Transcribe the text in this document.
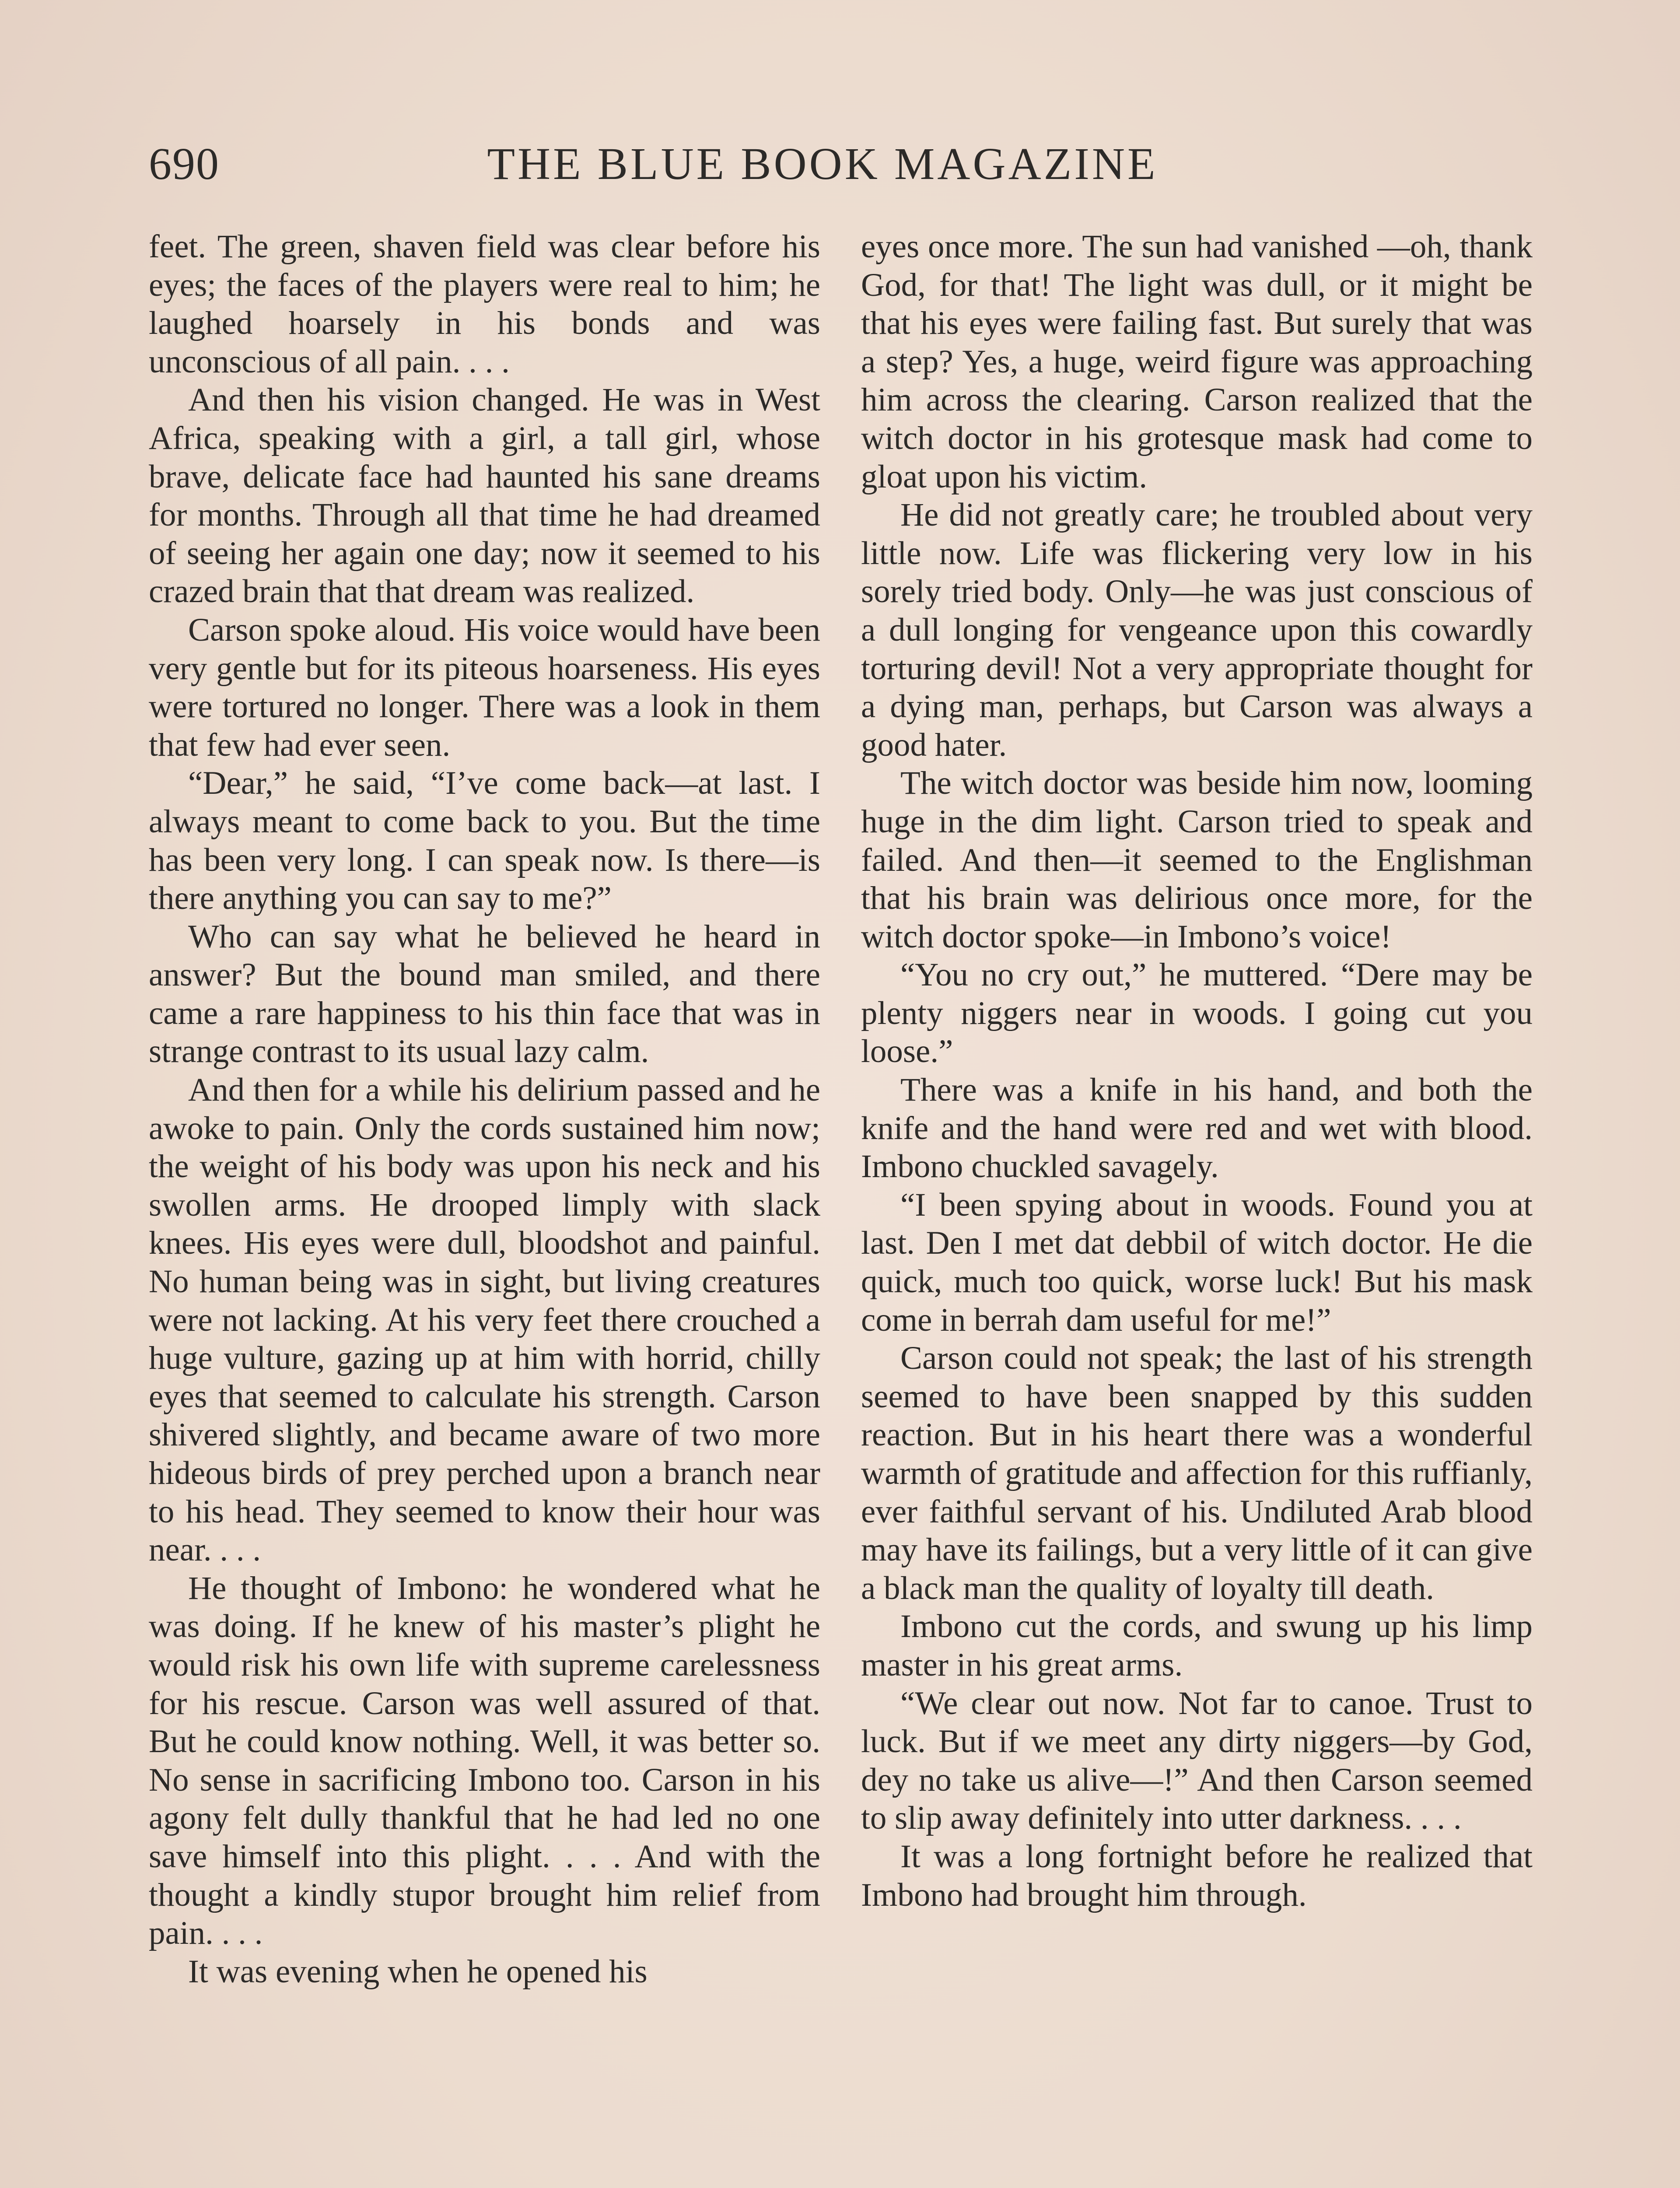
690	THE BLUE BOOK MAGAZINE

feet. The green, shaven field was clear before his eyes; the faces of the players were real to him; he laughed hoarsely in his bonds and was unconscious of all pain. . . .

And then his vision changed. He was in West Africa, speaking with a girl, a tall girl, whose brave, delicate face had haunted his sane dreams for months. Through all that time he had dreamed of seeing her again one day; now it seemed to his crazed brain that that dream was realized.

Carson spoke aloud. His voice would have been very gentle but for its piteous hoarseness. His eyes were tortured no longer. There was a look in them that few had ever seen.

“Dear,” he said, “I’ve come back—at last. I always meant to come back to you. But the time has been very long. I can speak now. Is there—is there anything you can say to me?”

Who can say what he believed he heard in answer? But the bound man smiled, and there came a rare happiness to his thin face that was in strange contrast to its usual lazy calm.

And then for a while his delirium passed and he awoke to pain. Only the cords sustained him now; the weight of his body was upon his neck and his swollen arms. He drooped limply with slack knees. His eyes were dull, bloodshot and painful. No human being was in sight, but living creatures were not lacking. At his very feet there crouched a huge vulture, gazing up at him with horrid, chilly eyes that seemed to calculate his strength. Carson shivered slightly, and became aware of two more hideous birds of prey perched upon a branch near to his head. They seemed to know their hour was near. . . .

He thought of Imbono: he wondered what he was doing. If he knew of his master’s plight he would risk his own life with supreme carelessness for his rescue. Carson was well assured of that. But he could know nothing. Well, it was better so. No sense in sacrificing Imbono too. Carson in his agony felt dully thankful that he had led no one save himself into this plight. . . . And with the thought a kindly stupor brought him relief from pain. . . .

It was evening when he opened his

eyes once more. The sun had vanished —oh, thank God, for that! The light was dull, or it might be that his eyes were failing fast. But surely that was a step? Yes, a huge, weird figure was approaching him across the clearing. Carson realized that the witch doctor in his grotesque mask had come to gloat upon his victim.

He did not greatly care; he troubled about very little now. Life was flickering very low in his sorely tried body. Only—he was just conscious of a dull longing for vengeance upon this cowardly torturing devil! Not a very appropriate thought for a dying man, perhaps, but Carson was always a good hater.

The witch doctor was beside him now, looming huge in the dim light. Carson tried to speak and failed. And then—it seemed to the Englishman that his brain was delirious once more, for the witch doctor spoke—in Imbono’s voice!

“You no cry out,” he muttered. “Dere may be plenty niggers near in woods. I going cut you loose.”

There was a knife in his hand, and both the knife and the hand were red and wet with blood. Imbono chuckled savagely.

“I been spying about in woods. Found you at last. Den I met dat debbil of witch doctor. He die quick, much too quick, worse luck! But his mask come in berrah dam useful for me!”

Carson could not speak; the last of his strength seemed to have been snapped by this sudden reaction. But in his heart there was a wonderful warmth of gratitude and affection for this ruffianly, ever faithful servant of his. Undiluted Arab blood may have its failings, but a very little of it can give a black man the quality of loyalty till death.

Imbono cut the cords, and swung up his limp master in his great arms.

“We clear out now. Not far to canoe. Trust to luck. But if we meet any dirty niggers—by God, dey no take us alive—!” And then Carson seemed to slip away definitely into utter darkness. . . .

It was a long fortnight before he realized that Imbono had brought him through.
